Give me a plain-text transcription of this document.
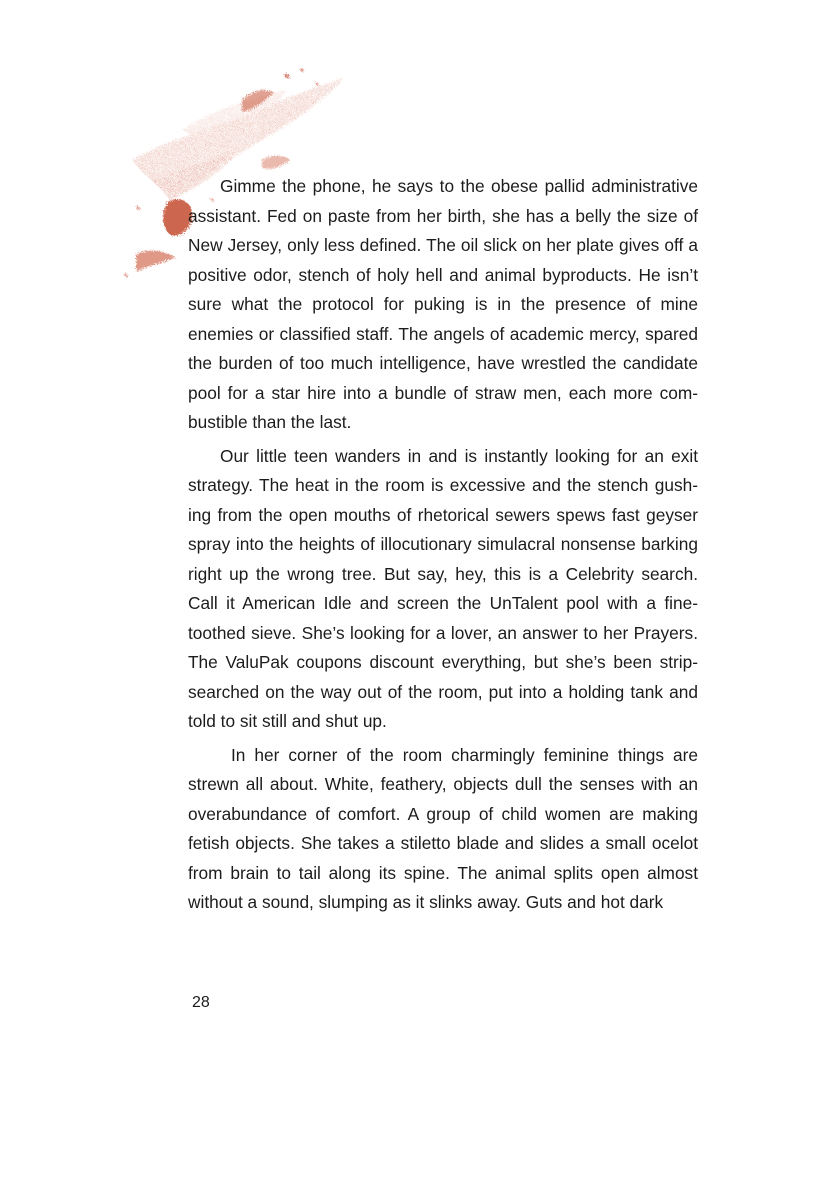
Gimme the phone, he says to the obese pallid administrative assistant. Fed on paste from her birth, she has a belly the size of New Jersey, only less defined. The oil slick on her plate gives off a positive odor, stench of holy hell and animal byproducts. He isn’t sure what the protocol for puking is in the presence of mine enemies or classified staff. The angels of academic mercy, spared the burden of too much intelligence, have wrestled the candidate pool for a star hire into a bundle of straw men, each more combustible than the last.

Our little teen wanders in and is instantly looking for an exit strategy. The heat in the room is excessive and the stench gushing from the open mouths of rhetorical sewers spews fast geyser spray into the heights of illocutionary simulacral nonsense barking right up the wrong tree. But say, hey, this is a Celebrity search. Call it American Idle and screen the UnTalent pool with a fine-toothed sieve. She’s looking for a lover, an answer to her Prayers. The ValuPak coupons discount everything, but she’s been strip-searched on the way out of the room, put into a holding tank and told to sit still and shut up.

In her corner of the room charmingly feminine things are strewn all about. White, feathery, objects dull the senses with an overabundance of comfort. A group of child women are making fetish objects. She takes a stiletto blade and slides a small ocelot from brain to tail along its spine. The animal splits open almost without a sound, slumping as it slinks away. Guts and hot dark

28
